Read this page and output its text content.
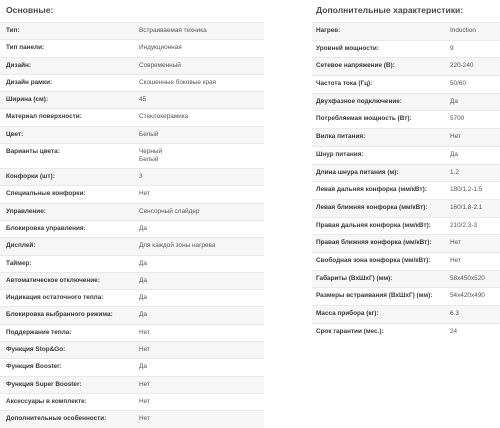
Основные:
Тип:	Встраиваемая техника
Тип панели:	Индукционная
Дизайн:	Современный
Дизайн рамки:	Скошенные боковые края
Ширина (см):	45
Материал поверхности:	Стеклокерамика
Цвет:	Белый
Варианты цвета:	Черный
Белый
Конфорки (шт):	3
Специальные конфорки:	Нет
Управление:	Сенсорный слайдер
Блокировка управления:	Да
Дисплей:	Для каждой зоны нагрева
Таймер:	Да
Автоматическое отключение:	Да
Индикация остаточного тепла:	Да
Блокировка выбранного режима:	Да
Поддержание тепла:	Нет
Функция Stop&Go:	Нет
Функция Booster:	Да
Функция Super Booster:	Нет
Аксессуары в комплекте:	Нет
Дополнительные особенности:	Нет
Дополнительные характеристики:
Нагрев:	Induction
Уровней мощности:	9
Сетевое напряжение (В):	220-240
Частота тока (Гц):	50/60
Двухфазное подключение:	Да
Потребляемая мощность (Вт):	5700
Вилка питания:	Нет
Шнур питания:	Да
Длина шнура питания (м):	1.2
Левая дальняя конфорка (мм/кВт):	180/1.2-1.5
Левая ближняя конфорка (мм/кВт):	160/1.8-2.1
Правая дальняя конфорка (мм/кВт):	210/2.3-3
Правая ближняя конфорка (мм/кВт):	Нет
Свободная зона конфорка (мм/кВт):	Нет
Габариты (ВхШхГ) (мм):	58x450x520
Размеры встраивания (ВхШхГ) (мм):	54x420x490
Масса прибора (кг):	6.3
Срок гарантии (мес.):	24
